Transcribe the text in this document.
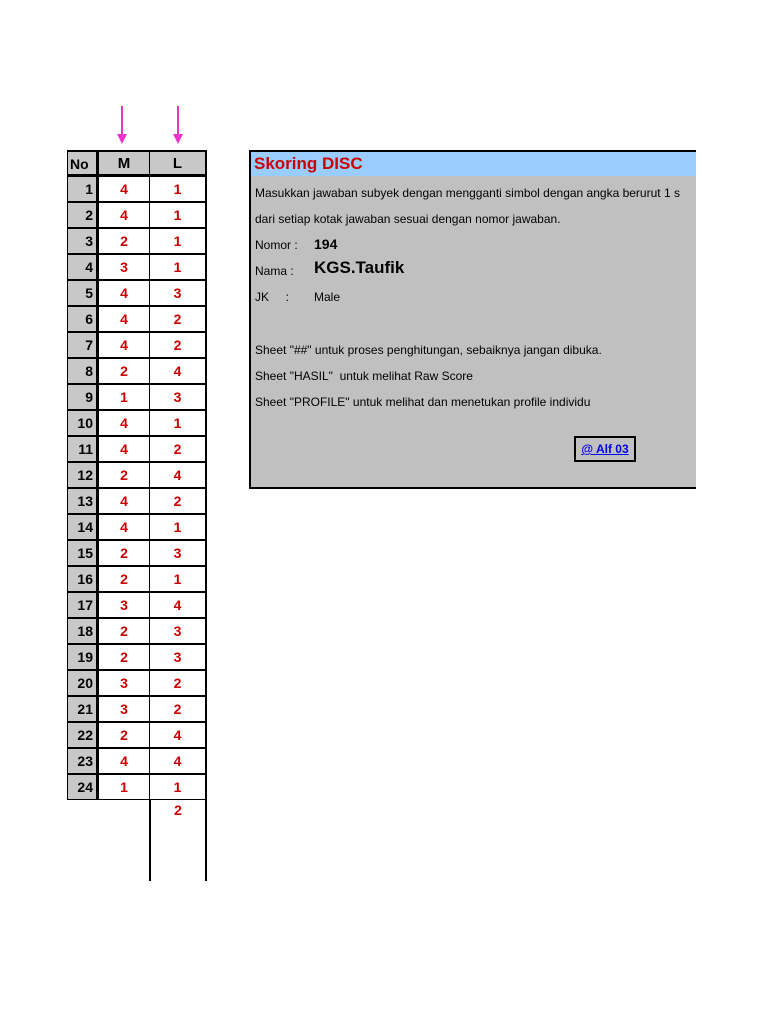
No	M	L
1	4	1
2	4	1
3	2	1
4	3	1
5	4	3
6	4	2
7	4	2
8	2	4
9	1	3
10	4	1
11	4	2
12	2	4
13	4	2
14	4	1
15	2	3
16	2	1
17	3	4
18	2	3
19	2	3
20	3	2
21	3	2
22	2	4
23	4	4
24	1	1
2
Skoring DISC
Masukkan jawaban subyek dengan mengganti simbol dengan angka berurut 1 s
dari setiap kotak jawaban sesuai dengan nomor jawaban.
Nomor : 194
Nama : KGS.Taufik
JK     : Male
Sheet "##" untuk proses penghitungan, sebaiknya jangan dibuka.
Sheet "HASIL"  untuk melihat Raw Score
Sheet "PROFILE" untuk melihat dan menetukan profile individu
@ Alf 03
